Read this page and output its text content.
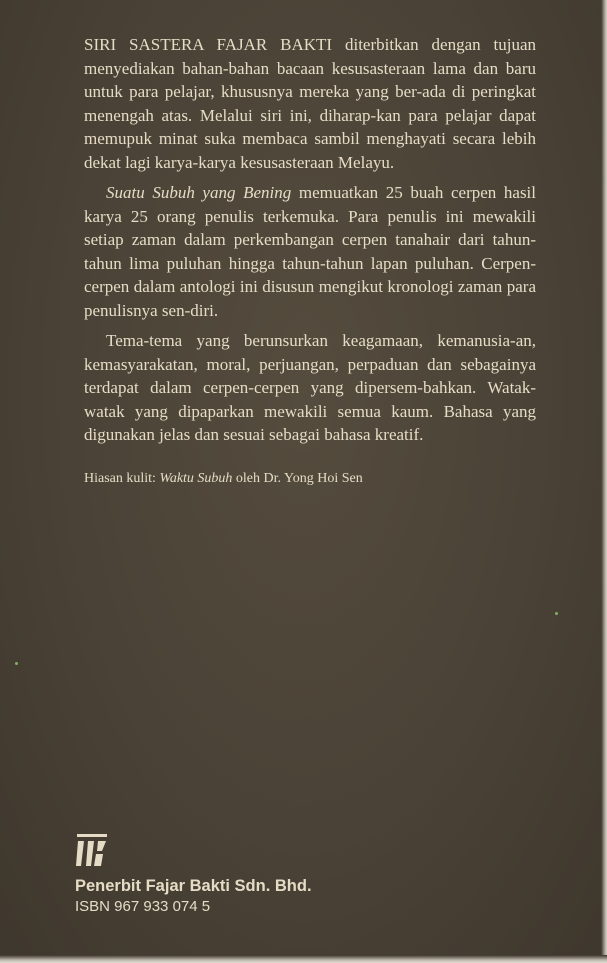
SIRI SASTERA FAJAR BAKTI diterbitkan dengan tujuan menyediakan bahan-bahan bacaan kesusasteraan lama dan baru untuk para pelajar, khususnya mereka yang ber-ada di peringkat menengah atas. Melalui siri ini, diharap-kan para pelajar dapat memupuk minat suka membaca sambil menghayati secara lebih dekat lagi karya-karya kesusasteraan Melayu.

Suatu Subuh yang Bening memuatkan 25 buah cerpen hasil karya 25 orang penulis terkemuka. Para penulis ini mewakili setiap zaman dalam perkembangan cerpen tanahair dari tahun-tahun lima puluhan hingga tahun-tahun lapan puluhan. Cerpen-cerpen dalam antologi ini disusun mengikut kronologi zaman para penulisnya sen-diri.

Tema-tema yang berunsurkan keagamaan, kemanusia-an, kemasyarakatan, moral, perjuangan, perpaduan dan sebagainya terdapat dalam cerpen-cerpen yang dipersem-bahkan. Watak-watak yang dipaparkan mewakili semua kaum. Bahasa yang digunakan jelas dan sesuai sebagai bahasa kreatif.

Hiasan kulit: Waktu Subuh oleh Dr. Yong Hoi Sen
Penerbit Fajar Bakti Sdn. Bhd.
ISBN 967 933 074 5
